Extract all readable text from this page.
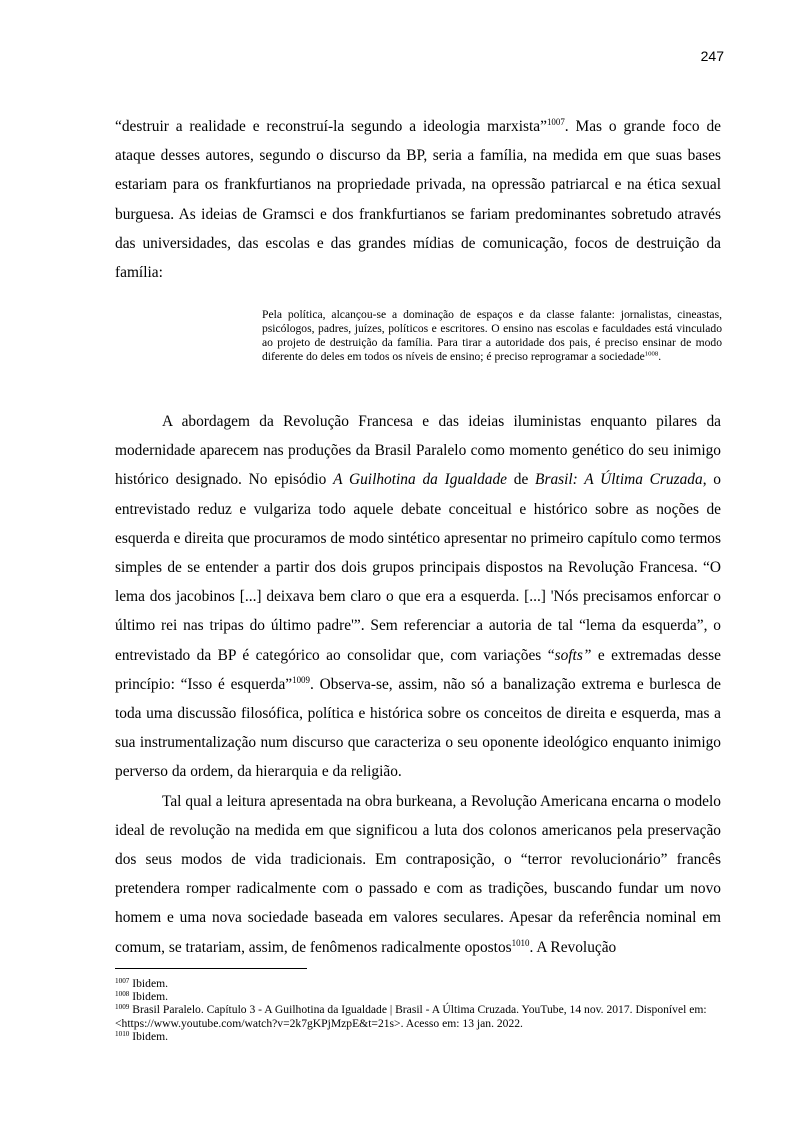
247

“destruir a realidade e reconstruí-la segundo a ideologia marxista”$^{1007}$. Mas o grande foco de ataque desses autores, segundo o discurso da BP, seria a família, na medida em que suas bases estariam para os frankfurtianos na propriedade privada, na opressão patriarcal e na ética sexual burguesa. As ideias de Gramsci e dos frankfurtianos se fariam predominantes sobretudo através das universidades, das escolas e das grandes mídias de comunicação, focos de destruição da família:

Pela política, alcançou-se a dominação de espaços e da classe falante: jornalistas, cineastas, psicólogos, padres, juízes, políticos e escritores. O ensino nas escolas e faculdades está vinculado ao projeto de destruição da família. Para tirar a autoridade dos pais, é preciso ensinar de modo diferente do deles em todos os níveis de ensino; é preciso reprogramar a sociedade$^{1008}$.

A abordagem da Revolução Francesa e das ideias iluministas enquanto pilares da modernidade aparecem nas produções da Brasil Paralelo como momento genético do seu inimigo histórico designado. No episódio A Guilhotina da Igualdade de Brasil: A Última Cruzada, o entrevistado reduz e vulgariza todo aquele debate conceitual e histórico sobre as noções de esquerda e direita que procuramos de modo sintético apresentar no primeiro capítulo como termos simples de se entender a partir dos dois grupos principais dispostos na Revolução Francesa. “O lema dos jacobinos [...] deixava bem claro o que era a esquerda. [...] 'Nós precisamos enforcar o último rei nas tripas do último padre'”. Sem referenciar a autoria de tal “lema da esquerda”, o entrevistado da BP é categórico ao consolidar que, com variações “softs” e extremadas desse princípio: “Isso é esquerda”$^{1009}$. Observa-se, assim, não só a banalização extrema e burlesca de toda uma discussão filosófica, política e histórica sobre os conceitos de direita e esquerda, mas a sua instrumentalização num discurso que caracteriza o seu oponente ideológico enquanto inimigo perverso da ordem, da hierarquia e da religião.

Tal qual a leitura apresentada na obra burkeana, a Revolução Americana encarna o modelo ideal de revolução na medida em que significou a luta dos colonos americanos pela preservação dos seus modos de vida tradicionais. Em contraposição, o “terror revolucionário” francês pretendera romper radicalmente com o passado e com as tradições, buscando fundar um novo homem e uma nova sociedade baseada em valores seculares. Apesar da referência nominal em comum, se tratariam, assim, de fenômenos radicalmente opostos$^{1010}$. A Revolução

$^{1007}$ Ibidem.
$^{1008}$ Ibidem.
$^{1009}$ Brasil Paralelo. Capítulo 3 - A Guilhotina da Igualdade | Brasil - A Última Cruzada. YouTube, 14 nov. 2017. Disponível em: <https://www.youtube.com/watch?v=2k7gKPjMzpE&t=21s>. Acesso em: 13 jan. 2022.
$^{1010}$ Ibidem.
